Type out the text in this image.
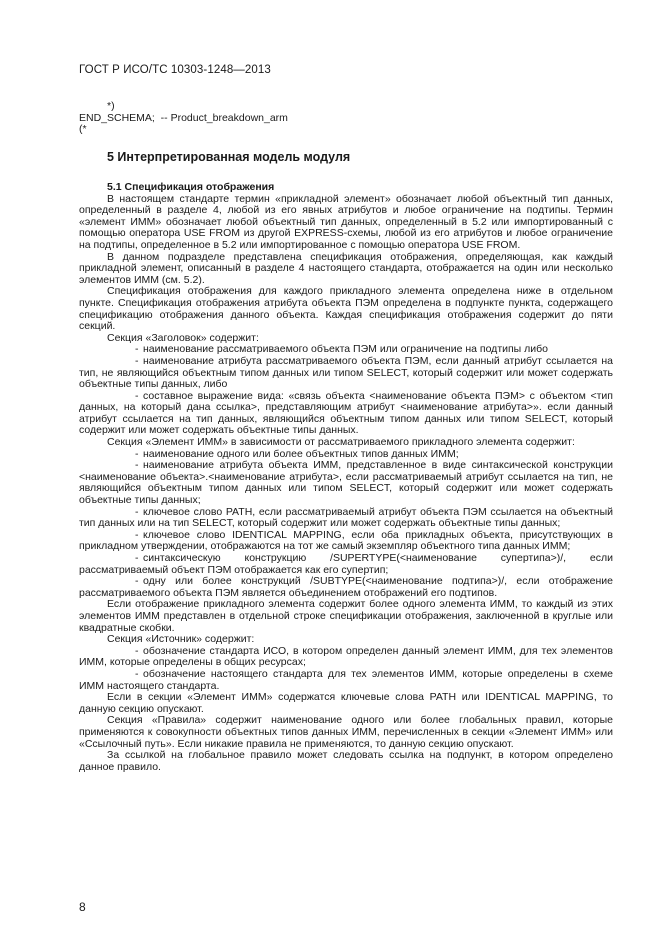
ГОСТ Р ИСО/ТС 10303-1248—2013
*)
END_SCHEMA;  -- Product_breakdown_arm
(*
5 Интерпретированная модель модуля

5.1 Спецификация отображения

В настоящем стандарте термин «прикладной элемент» обозначает любой объектный тип данных, определенный в разделе 4, любой из его явных атрибутов и любое ограничение на подтипы. Термин «элемент ИММ» обозначает любой объектный тип данных, определенный в 5.2 или импортированный с помощью оператора USE FROM из другой EXPRESS-схемы, любой из его атрибутов и любое ограничение на подтипы, определенное в 5.2 или импортированное с помощью оператора USE FROM.

В данном подразделе представлена спецификация отображения, определяющая, как каждый прикладной элемент, описанный в разделе 4 настоящего стандарта, отображается на один или несколько элементов ИММ (см. 5.2).

Спецификация отображения для каждого прикладного элемента определена ниже в отдельном пункте. Спецификация отображения атрибута объекта ПЭМ определена в подпункте пункта, содержащего спецификацию отображения данного объекта. Каждая спецификация отображения содержит до пяти секций.

Секция «Заголовок» содержит:

- наименование рассматриваемого объекта ПЭМ или ограничение на подтипы либо

- наименование атрибута рассматриваемого объекта ПЭМ, если данный атрибут ссылается на тип, не являющийся объектным типом данных или типом SELECT, который содержит или может содержать объектные типы данных, либо

- составное выражение вида: «связь объекта <наименование объекта ПЭМ> с объектом <тип данных, на который дана ссылка>, представляющим атрибут <наименование атрибута>». если данный атрибут ссылается на тип данных, являющийся объектным типом данных или типом SELECT, который содержит или может содержать объектные типы данных.

Секция «Элемент ИММ» в зависимости от рассматриваемого прикладного элемента содержит:

- наименование одного или более объектных типов данных ИММ;

- наименование атрибута объекта ИММ, представленное в виде синтаксической конструкции <наименование объекта>.<наименование атрибута>, если рассматриваемый атрибут ссылается на тип, не являющийся объектным типом данных или типом SELECT, который содержит или может содержать объектные типы данных;

- ключевое слово PATH, если рассматриваемый атрибут объекта ПЭМ ссылается на объектный тип данных или на тип SELECT, который содержит или может содержать объектные типы данных;

- ключевое слово IDENTICAL MAPPING, если оба прикладных объекта, присутствующих в прикладном утверждении, отображаются на тот же самый экземпляр объектного типа данных ИММ;

- синтаксическую конструкцию /SUPERTYPE(<наименование супертипа>)/, если рассматриваемый объект ПЭМ отображается как его супертип;

- одну или более конструкций /SUBTYPE(<наименование подтипа>)/, если отображение рассматриваемого объекта ПЭМ является объединением отображений его подтипов.

Если отображение прикладного элемента содержит более одного элемента ИММ, то каждый из этих элементов ИММ представлен в отдельной строке спецификации отображения, заключенной в круглые или квадратные скобки.

Секция «Источник» содержит:

- обозначение стандарта ИСО, в котором определен данный элемент ИММ, для тех элементов ИММ, которые определены в общих ресурсах;

- обозначение настоящего стандарта для тех элементов ИММ, которые определены в схеме ИММ настоящего стандарта.

Если в секции «Элемент ИММ» содержатся ключевые слова PATH или IDENTICAL MAPPING, то данную секцию опускают.

Секция «Правила» содержит наименование одного или более глобальных правил, которые применяются к совокупности объектных типов данных ИММ, перечисленных в секции «Элемент ИММ» или «Ссылочный путь». Если никакие правила не применяются, то данную секцию опускают.

За ссылкой на глобальное правило может следовать ссылка на подпункт, в котором определено данное правило.

8
